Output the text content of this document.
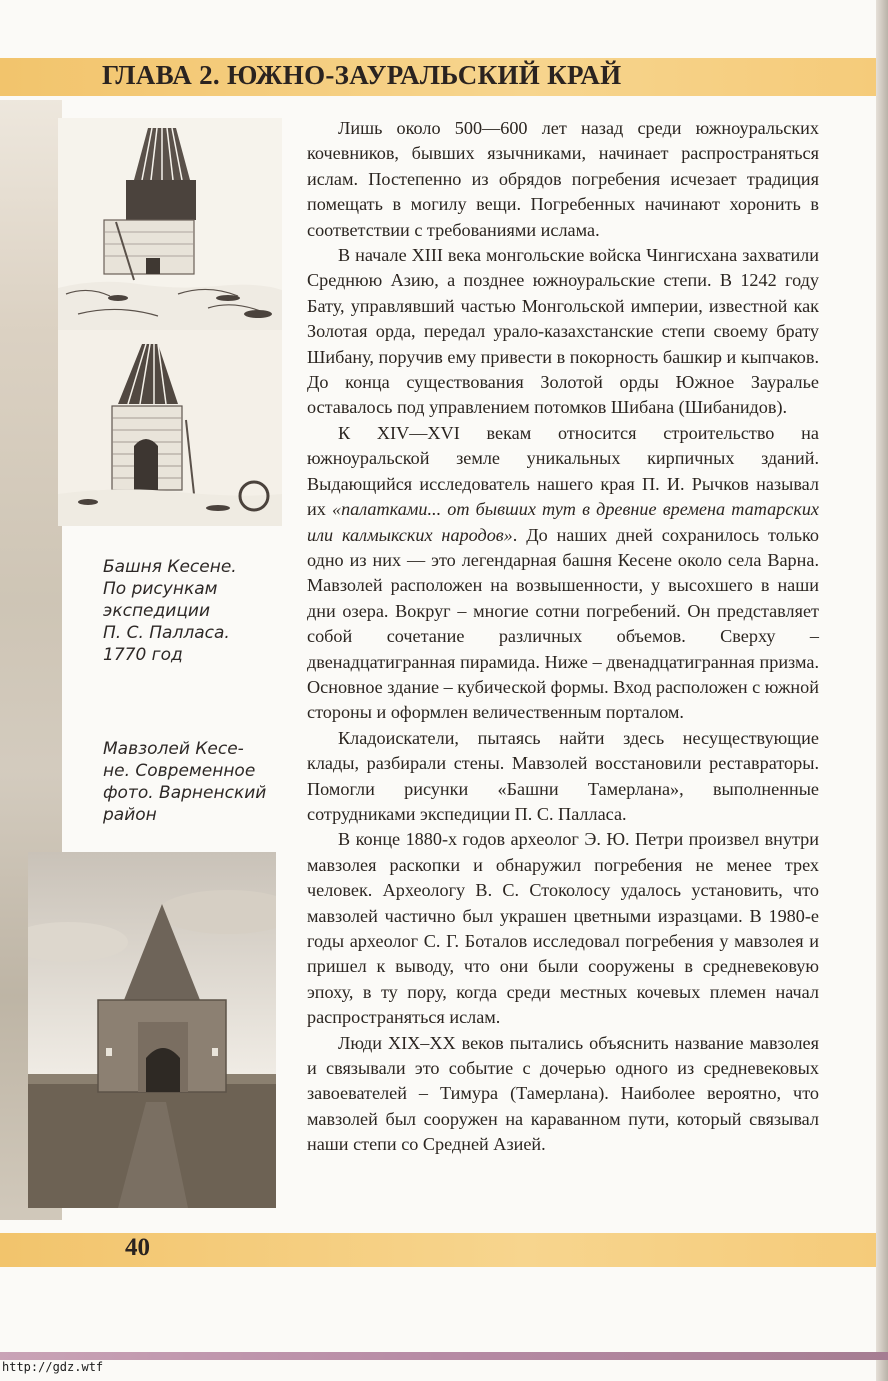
ГЛАВА 2. ЮЖНО-ЗАУРАЛЬСКИЙ КРАЙ
Башня Кесене.
По рисункам
экспедиции
П. С. Палласа.
1770 год
Мавзолей Кесе-
не. Современное
фото. Варненский
район

Лишь около 500—600 лет назад среди южноуральских кочевников, бывших язычниками, начинает распространяться ислам. Постепенно из обрядов погребения исчезает традиция помещать в могилу вещи. Погребенных начинают хоронить в соответствии с требованиями ислама.

В начале XIII века монгольские войска Чингисхана захватили Среднюю Азию, а позднее южноуральские степи. В 1242 году Бату, управлявший частью Монгольской империи, известной как Золотая орда, передал урало-казахстанские степи своему брату Шибану, поручив ему привести в покорность башкир и кыпчаков. До конца существования Золотой орды Южное Зауралье оставалось под управлением потомков Шибана (Шибанидов).

К XIV—XVI векам относится строительство на южноуральской земле уникальных кирпичных зданий. Выдающийся исследователь нашего края П. И. Рычков называл их «палатками... от бывших тут в древние времена татарских или калмыкских народов». До наших дней сохранилось только одно из них — это легендарная башня Кесене около села Варна. Мавзолей расположен на возвышенности, у высохшего в наши дни озера. Вокруг – многие сотни погребений. Он представляет собой сочетание различных объемов. Сверху – двенадцатигранная пирамида. Ниже – двенадцатигранная призма. Основное здание – кубической формы. Вход расположен с южной стороны и оформлен величественным порталом.

Кладоискатели, пытаясь найти здесь несуществующие клады, разбирали стены. Мавзолей восстановили реставраторы. Помогли рисунки «Башни Тамерлана», выполненные сотрудниками экспедиции П. С. Палласа.

В конце 1880-х годов археолог Э. Ю. Петри произвел внутри мавзолея раскопки и обнаружил погребения не менее трех человек. Археологу В. С. Стоколосу удалось установить, что мавзолей частично был украшен цветными изразцами. В 1980-е годы археолог С. Г. Боталов исследовал погребения у мавзолея и пришел к выводу, что они были сооружены в средневековую эпоху, в ту пору, когда среди местных кочевых племен начал распространяться ислам.

Люди XIX–XX веков пытались объяснить название мавзолея и связывали это событие с дочерью одного из средневековых завоевателей – Тимура (Тамерлана). Наиболее вероятно, что мавзолей был сооружен на караванном пути, который связывал наши степи со Средней Азией.

40
http://gdz.wtf
